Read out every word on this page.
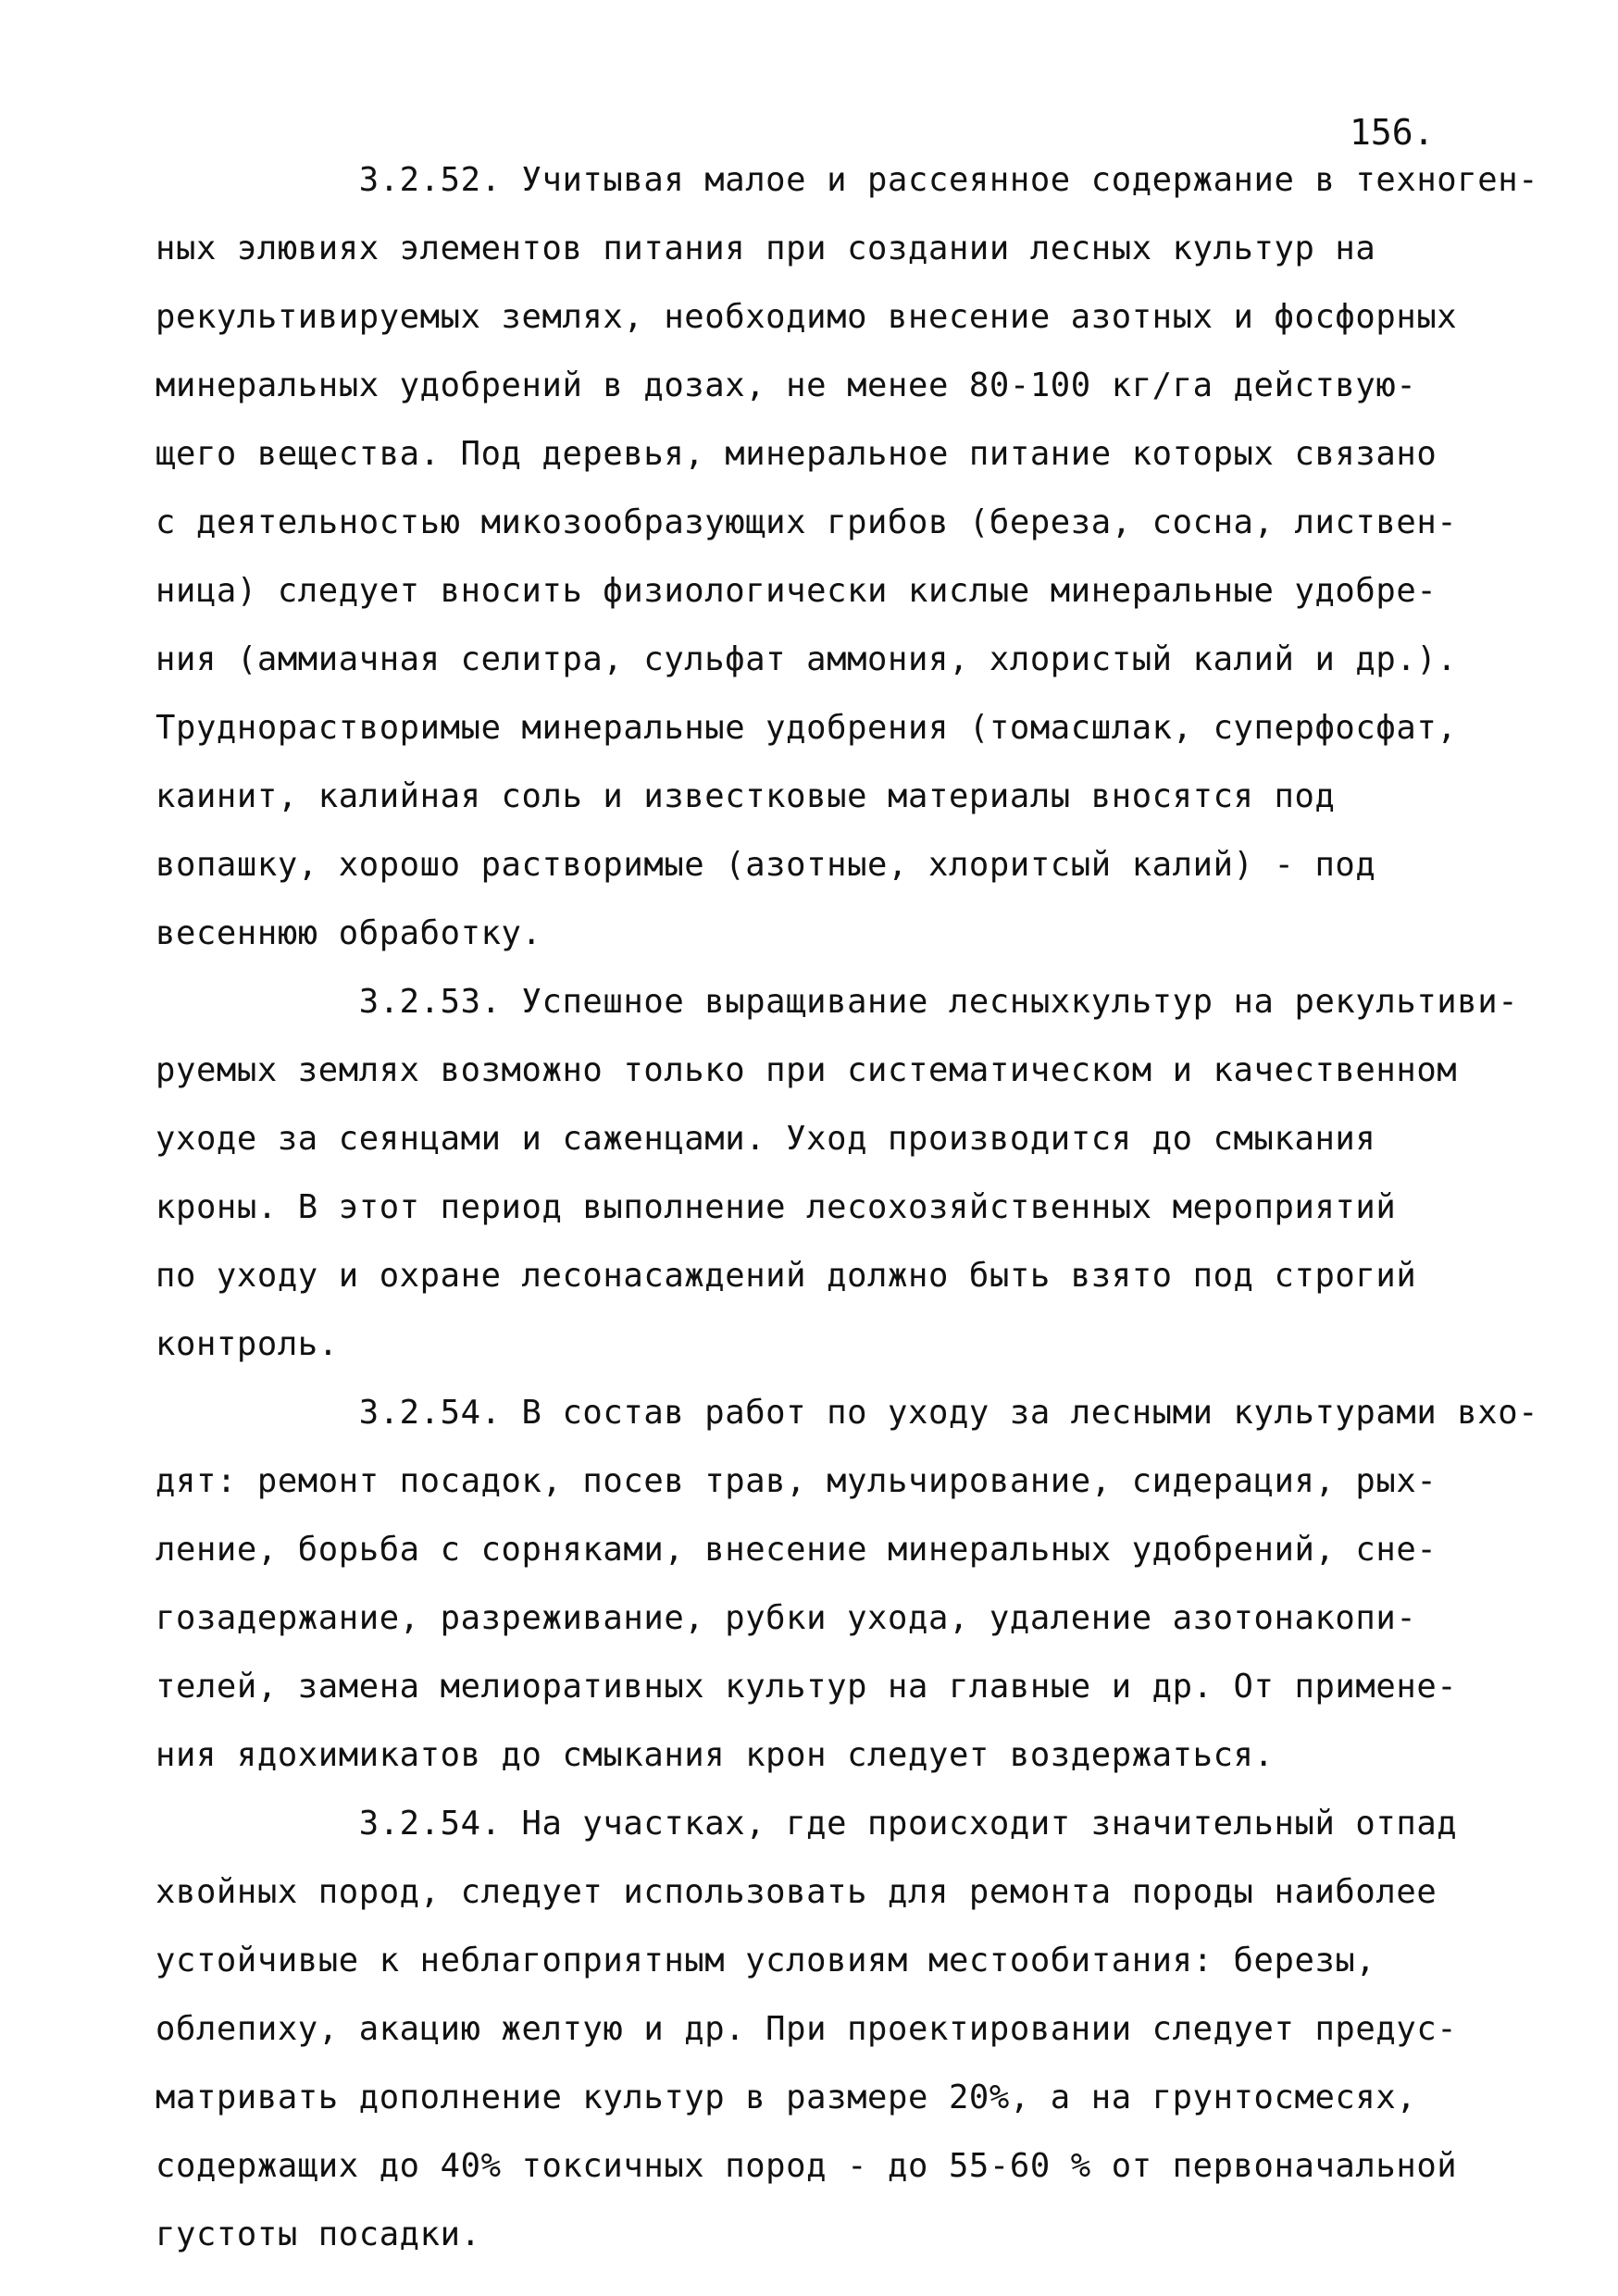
156.
3.2.52. Учитывая малое и рассеянное содержание в техноген-
ных элювиях элементов питания при создании лесных культур на
рекультивируемых землях, необходимо внесение азотных и фосфорных
минеральных удобрений в дозах, не менее 80-100 кг/га действую-
щего вещества. Под деревья, минеральное питание которых связано
с деятельностью микозообразующих грибов (береза, сосна, листвен-
ница) следует вносить физиологически кислые минеральные удобре-
ния (аммиачная селитра, сульфат аммония, хлористый калий и др.).
Труднорастворимые минеральные удобрения (томасшлак, суперфосфат,
каинит, калийная соль и известковые материалы вносятся под
вопашку, хорошо растворимые (азотные, хлоритсый калий) - под
весеннюю обработку.
3.2.53. Успешное выращивание лесныхкультур на рекультиви-
руемых землях возможно только при систематическом и качественном
уходе за сеянцами и саженцами. Уход производится до смыкания
кроны. В этот период выполнение лесохозяйственных мероприятий
по уходу и охране лесонасаждений должно быть взято под строгий
контроль.
3.2.54. В состав работ по уходу за лесными культурами вхо-
дят: ремонт посадок, посев трав, мульчирование, сидерация, рых-
ление, борьба с сорняками, внесение минеральных удобрений, сне-
гозадержание, разреживание, рубки ухода, удаление азотонакопи-
телей, замена мелиоративных культур на главные и др. От примене-
ния ядохимикатов до смыкания крон следует воздержаться.
3.2.54. На участках, где происходит значительный отпад
хвойных пород, следует использовать для ремонта породы наиболее
устойчивые к неблагоприятным условиям местообитания: березы,
облепиху, акацию желтую и др. При проектировании следует предус-
матривать дополнение культур в размере 20%, а на грунтосмесях,
содержащих до 40% токсичных пород - до 55-60 % от первоначальной
густоты посадки.
